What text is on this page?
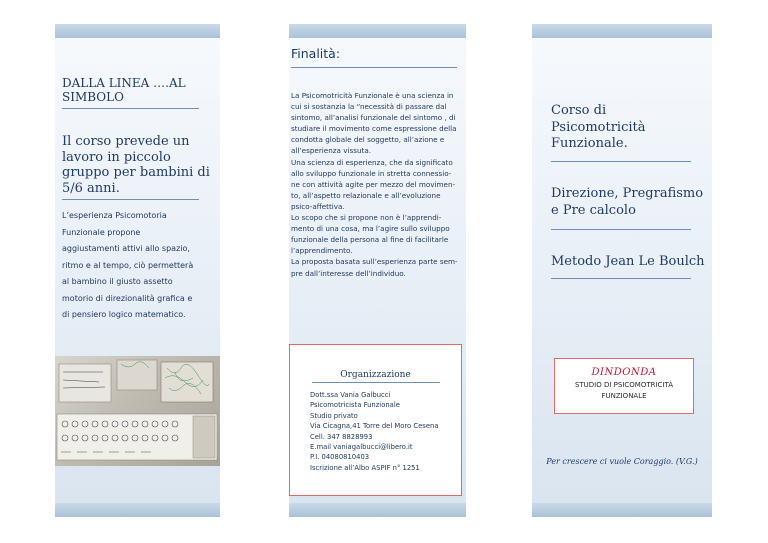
DALLA LINEA ….AL
SIMBOLO
Il corso prevede un
lavoro in piccolo
gruppo per bambini di
5/6 anni.
L’esperienza Psicomotoria
Funzionale propone
aggiustamenti attivi allo spazio,
ritmo e al tempo, ciò permetterà
al bambino il giusto assetto
motorio di direzionalità grafica e
di pensiero logico matematico.
Finalità:
La Psicomotricità Funzionale è una scienza in
cui si sostanzia la “necessità di passare dal
sintomo, all’analisi funzionale del sintomo , di
studiare il movimento come espressione della
condotta globale del soggetto, all’azione e
all’esperienza vissuta.
Una scienza di esperienza, che da significato
allo sviluppo funzionale in stretta connessio-
ne con attività agite per mezzo del movimen-
to, all’aspetto relazionale e all’evoluzione
psico-affettiva.
Lo scopo che si propone non è l’apprendi-
mento di una cosa, ma l’agire sullo sviluppo
funzionale della persona al fine di facilitarle
l’apprendimento.
La proposta basata sull’esperienza parte sem-
pre dall’interesse dell’individuo.
Organizzazione
Dott.ssa Vania Galbucci
Psicomotricista Funzionale
Studio privato
Via Cicagna,41 Torre del Moro Cesena
Cell. 347 8828993
E.mail vaniagalbucci@libero.it
P.I. 04080810403
Iscrizione all’Albo ASPIF n° 1251
Corso di
Psicomotricità
Funzionale.
Direzione, Pregrafismo
e Pre calcolo
Metodo Jean Le Boulch
DINDONDA
STUDIO DI PSICOMOTRICITÀ
FUNZIONALE
Per crescere ci vuole Coraggio. (V.G.)
